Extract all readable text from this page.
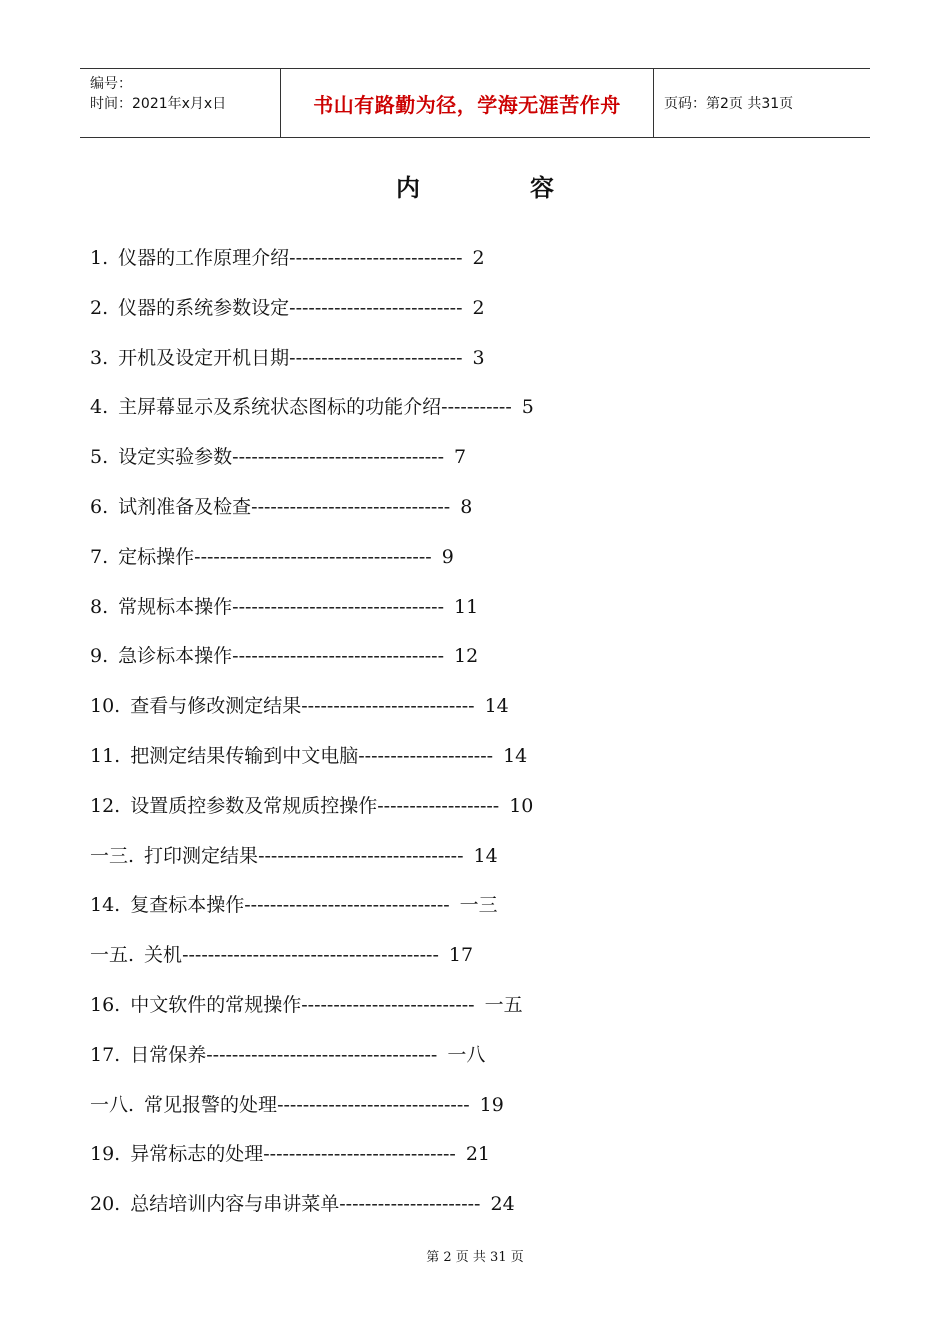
编号：
时间：2021年x月x日	书山有路勤为径，学海无涯苦作舟	页码：第2页 共31页
内	容
1. 仪器的工作原理介绍--------------------------- 2
2. 仪器的系统参数设定--------------------------- 2
3. 开机及设定开机日期--------------------------- 3
4. 主屏幕显示及系统状态图标的功能介绍----------- 5
5. 设定实验参数--------------------------------- 7
6. 试剂准备及检查------------------------------- 8
7. 定标操作------------------------------------- 9
8. 常规标本操作--------------------------------- 11
9. 急诊标本操作--------------------------------- 12
10. 查看与修改测定结果--------------------------- 14
11. 把测定结果传输到中文电脑--------------------- 14
12. 设置质控参数及常规质控操作------------------- 10
一三. 打印测定结果-------------------------------- 14
14. 复查标本操作-------------------------------- 一三
一五. 关机---------------------------------------- 17
16. 中文软件的常规操作--------------------------- 一五
17. 日常保养------------------------------------ 一八
一八. 常见报警的处理------------------------------ 19
19. 异常标志的处理------------------------------ 21
20. 总结培训内容与串讲菜单---------------------- 24
第 2 页 共 31 页
